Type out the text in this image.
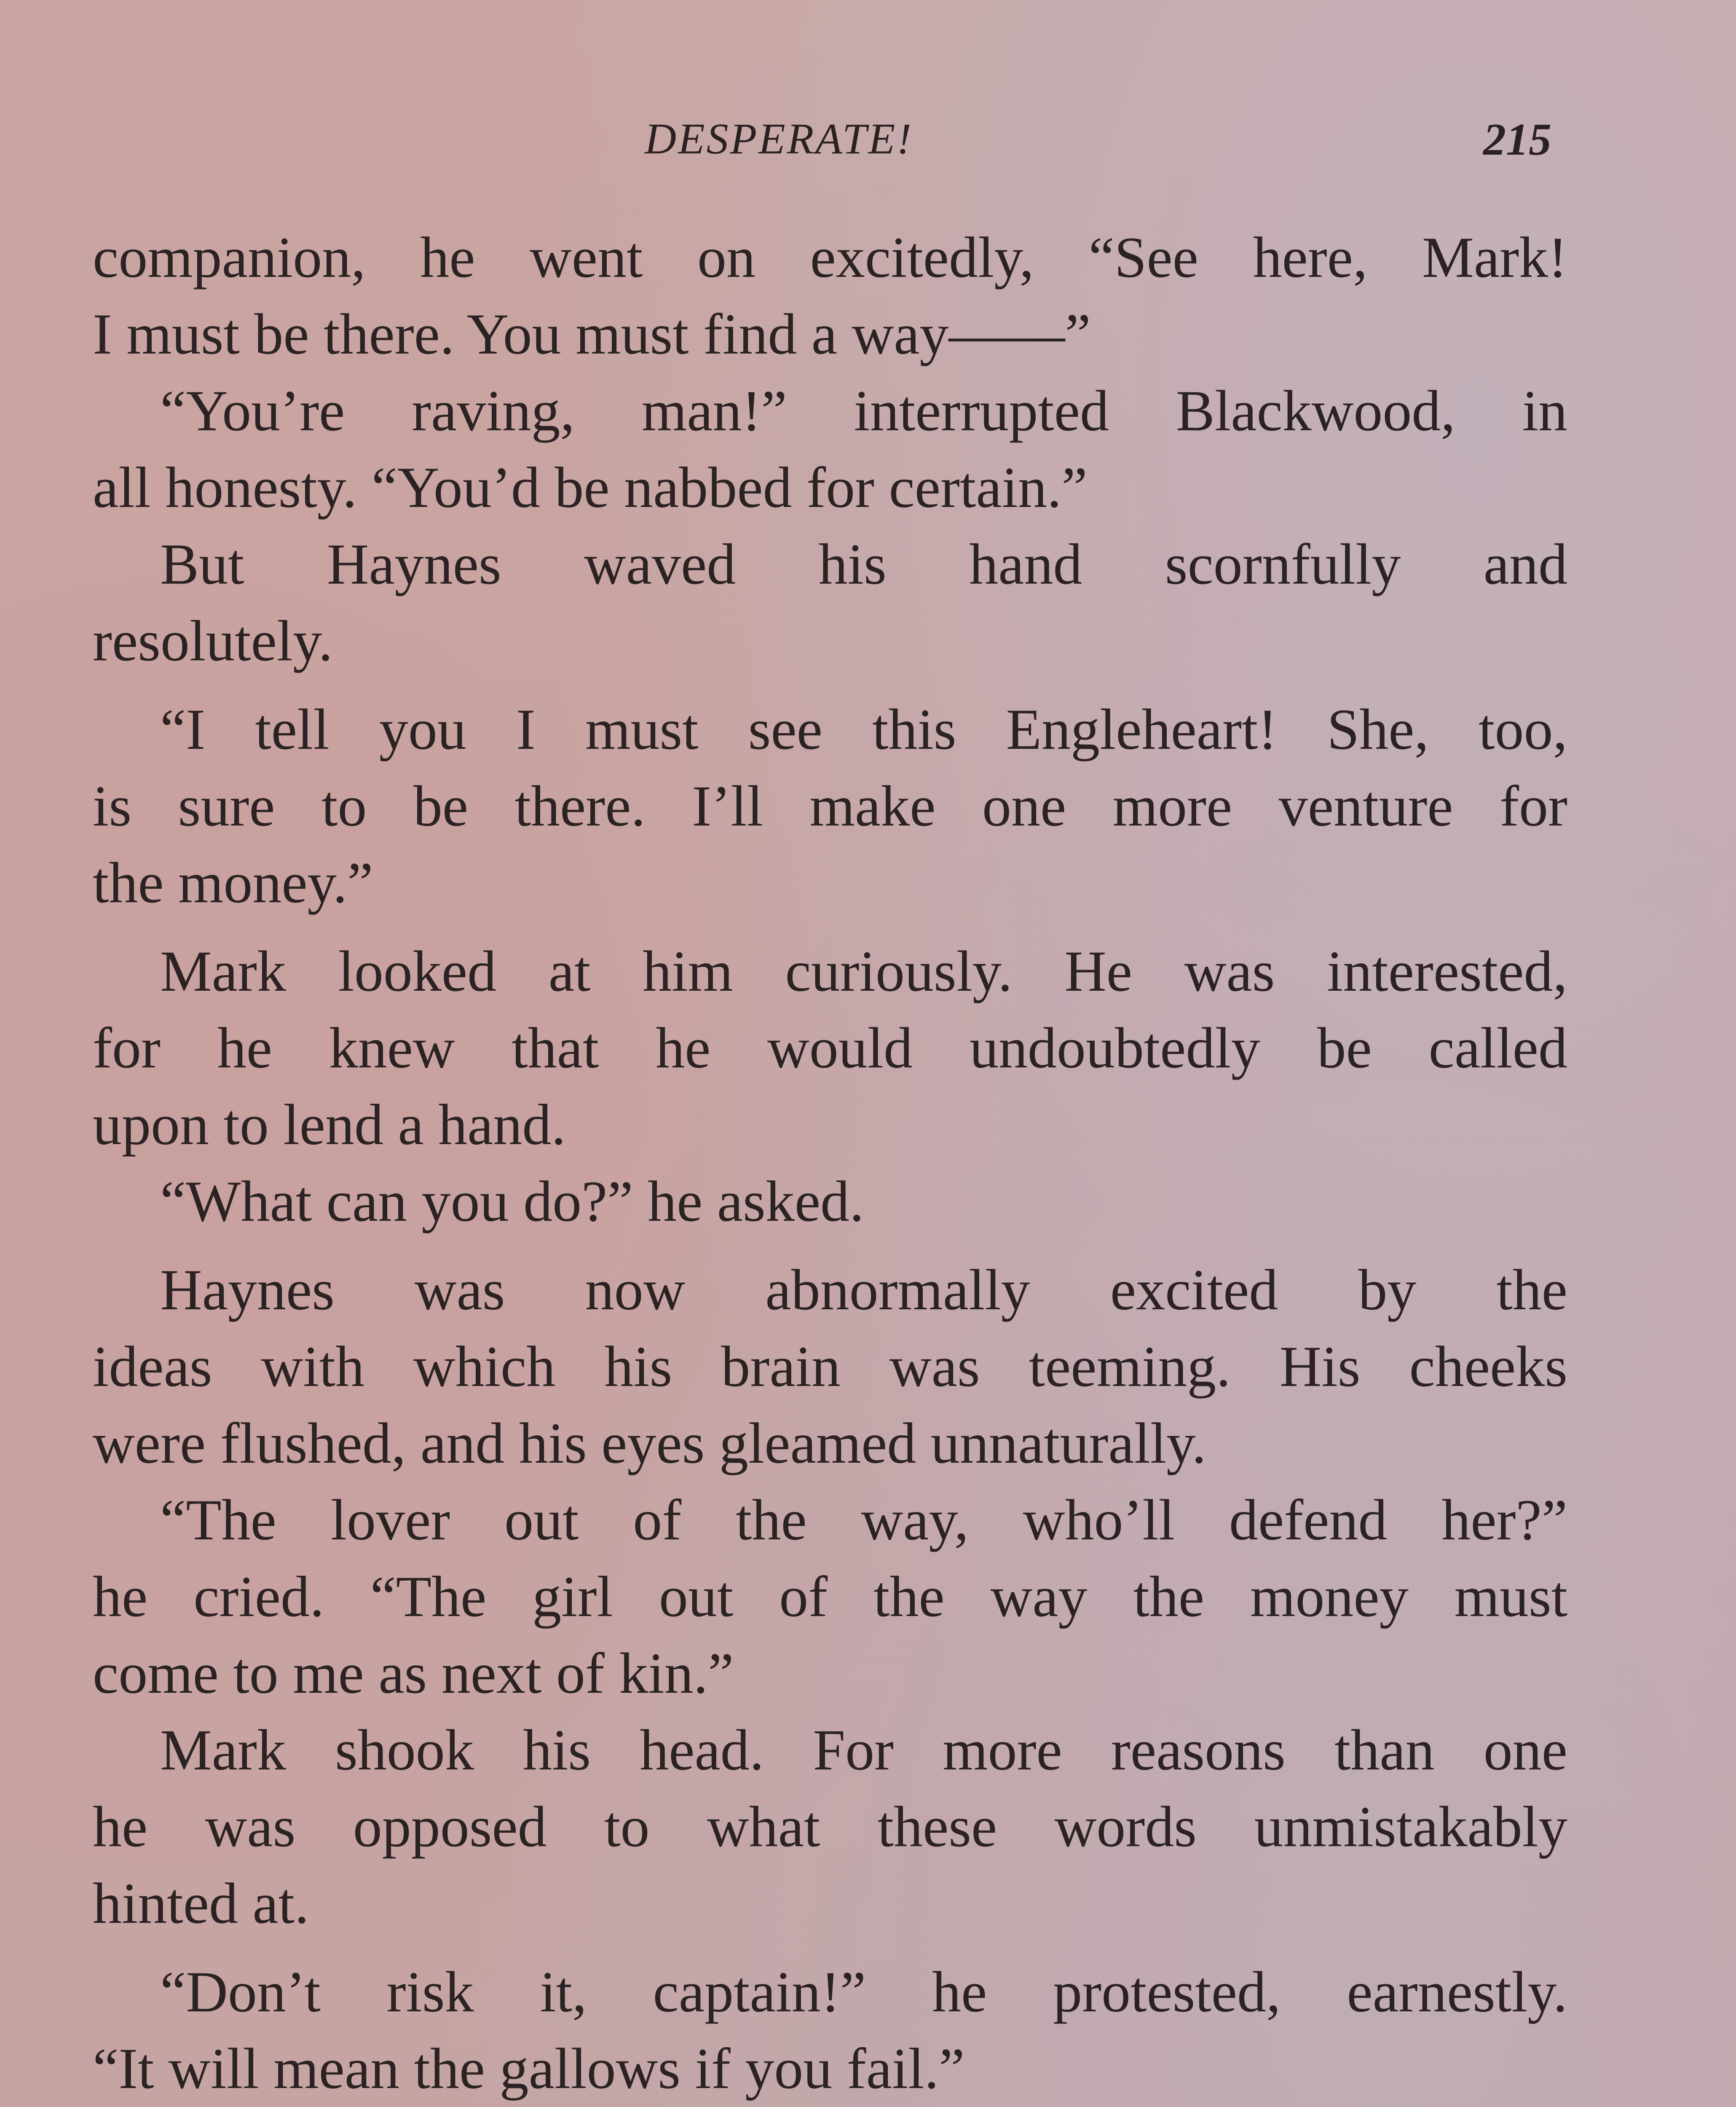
DESPERATE!	215
companion, he went on excitedly, “See here, Mark!
I must be there. You must find a way——”
“You’re raving, man!” interrupted Blackwood, in
all honesty. “You’d be nabbed for certain.”
But Haynes waved his hand scornfully and
resolutely.
“I tell you I must see this Engleheart! She, too,
is sure to be there. I’ll make one more venture for
the money.”
Mark looked at him curiously. He was interested,
for he knew that he would undoubtedly be called
upon to lend a hand.
“What can you do?” he asked.
Haynes was now abnormally excited by the
ideas with which his brain was teeming. His cheeks
were flushed, and his eyes gleamed unnaturally.
“The lover out of the way, who’ll defend her?”
he cried. “The girl out of the way the money must
come to me as next of kin.”
Mark shook his head. For more reasons than one
he was opposed to what these words unmistakably
hinted at.
“Don’t risk it, captain!” he protested, earnestly.
“It will mean the gallows if you fail.”
